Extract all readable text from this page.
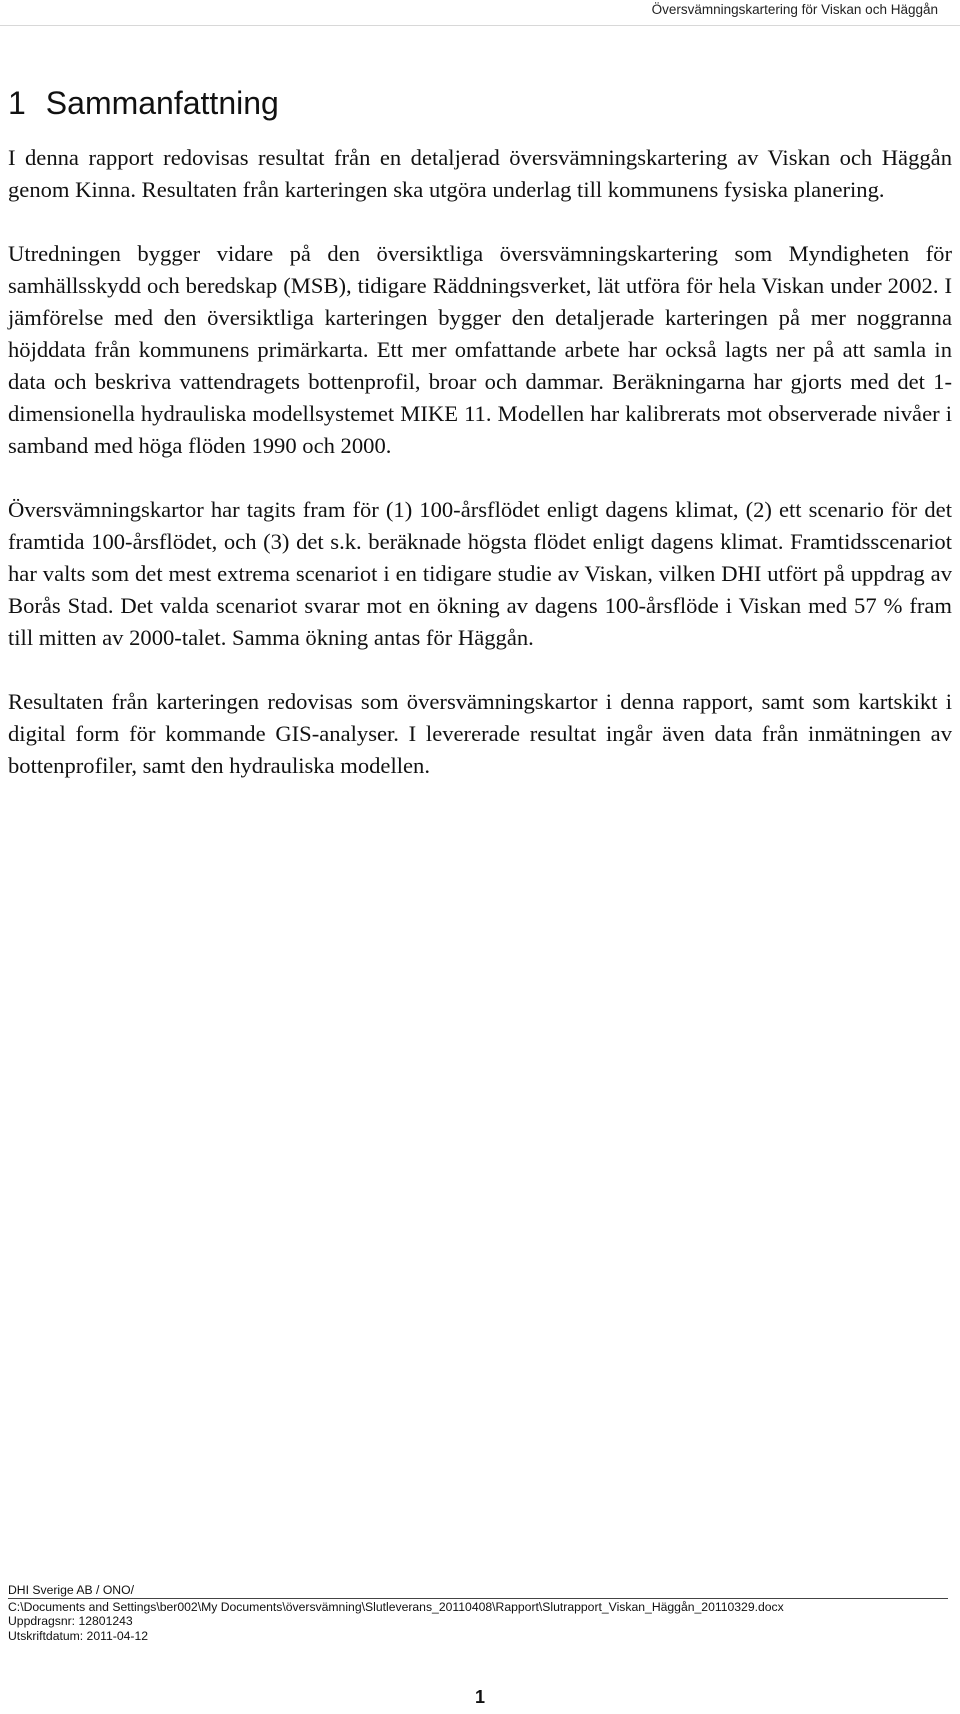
Översvämningskartering för Viskan och Häggån
1 Sammanfattning

I denna rapport redovisas resultat från en detaljerad översvämningskartering av Viskan och Häggån genom Kinna. Resultaten från karteringen ska utgöra underlag till kommunens fysiska planering.

Utredningen bygger vidare på den översiktliga översvämningskartering som Myndigheten för samhällsskydd och beredskap (MSB), tidigare Räddningsverket, lät utföra för hela Viskan under 2002. I jämförelse med den översiktliga karteringen bygger den detaljerade karteringen på mer noggranna höjddata från kommunens primärkarta. Ett mer omfattande arbete har också lagts ner på att samla in data och beskriva vattendragets bottenprofil, broar och dammar. Beräkningarna har gjorts med det 1-dimensionella hydrauliska modellsystemet MIKE 11. Modellen har kalibrerats mot observerade nivåer i samband med höga flöden 1990 och 2000.

Översvämningskartor har tagits fram för (1) 100-årsflödet enligt dagens klimat, (2) ett scenario för det framtida 100-årsflödet, och (3) det s.k. beräknade högsta flödet enligt dagens klimat. Framtidsscenariot har valts som det mest extrema scenariot i en tidigare studie av Viskan, vilken DHI utfört på uppdrag av Borås Stad. Det valda scenariot svarar mot en ökning av dagens 100-årsflöde i Viskan med 57 % fram till mitten av 2000-talet. Samma ökning antas för Häggån.

Resultaten från karteringen redovisas som översvämningskartor i denna rapport, samt som kartskikt i digital form för kommande GIS-analyser. I levererade resultat ingår även data från inmätningen av bottenprofiler, samt den hydrauliska modellen.

DHI Sverige AB / ONO/
C:\Documents and Settings\ber002\My Documents\översvämning\Slutleverans_20110408\Rapport\Slutrapport_Viskan_Häggån_20110329.docx
Uppdragsnr: 12801243
Utskriftdatum: 2011-04-12
1
